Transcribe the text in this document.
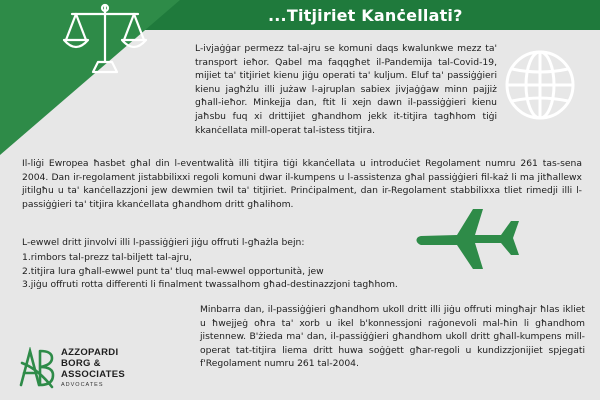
...Titjiriet Kanċellati?

L-ivjaġġar permezz tal-ajru se komuni daqs kwalunkwe mezz ta' transport ieħor. Qabel ma faqqgħet il-Pandemija tal-Covid-19, mijiet ta' titjiriet kienu jiġu operati ta' kuljum. Eluf ta' passiġġieri kienu jagħżlu illi jużaw l-ajruplan sabiex jivjaġġaw minn pajjiż għall-ieħor. Minkejja dan, ftit li xejn dawn il-passiġġieri kienu jaħsbu fuq xi drittijiet għandhom jekk it-titjira tagħhom tiġi kkanċellata mill-operat tal-istess titjira.

Il-liġi Ewropea ħasbet għal din l-eventwalità illi titjira tiġi kkanċellata u introduċiet Regolament numru 261 tas-sena 2004. Dan ir-regolament jistabbilixxi regoli komuni dwar il-kumpens u l-assistenza għal passiġġieri fil-każ li ma jitħallewx jitilgħu u ta' kanċellazzjoni jew dewmien twil ta' titjiriet. Prinċipalment, dan ir-Regolament stabbilixxa tliet rimedji illi l-passiġġieri ta' titjira kkanċellata għandhom dritt għalihom.

L-ewwel dritt jinvolvi illi l-passiġġieri jiġu offruti l-għażla bejn:
1.rimbors tal-prezz tal-biljett tal-ajru,
2.titjira lura għall-ewwel punt ta' tluq mal-ewwel opportunità, jew
3.jiġu offruti rotta differenti li finalment twassalhom għad-destinazzjoni tagħhom.

Minbarra dan, il-passiġġieri għandhom ukoll dritt illi jiġu offruti mingħajr ħlas ikliet u ħwejjeġ oħra ta' xorb u ikel b'konnessjoni raġonevoli mal-ħin li għandhom jistennew. B'żieda ma' dan, il-passiġġieri għandhom ukoll dritt għall-kumpens mill-operat tat-titjira liema dritt huwa soġġett għar-regoli u kundizzjonijiet spjegati f'Regolament numru 261 tal-2004.

AZZOPARDI
BORG &
ASSOCIATES
ADVOCATES
